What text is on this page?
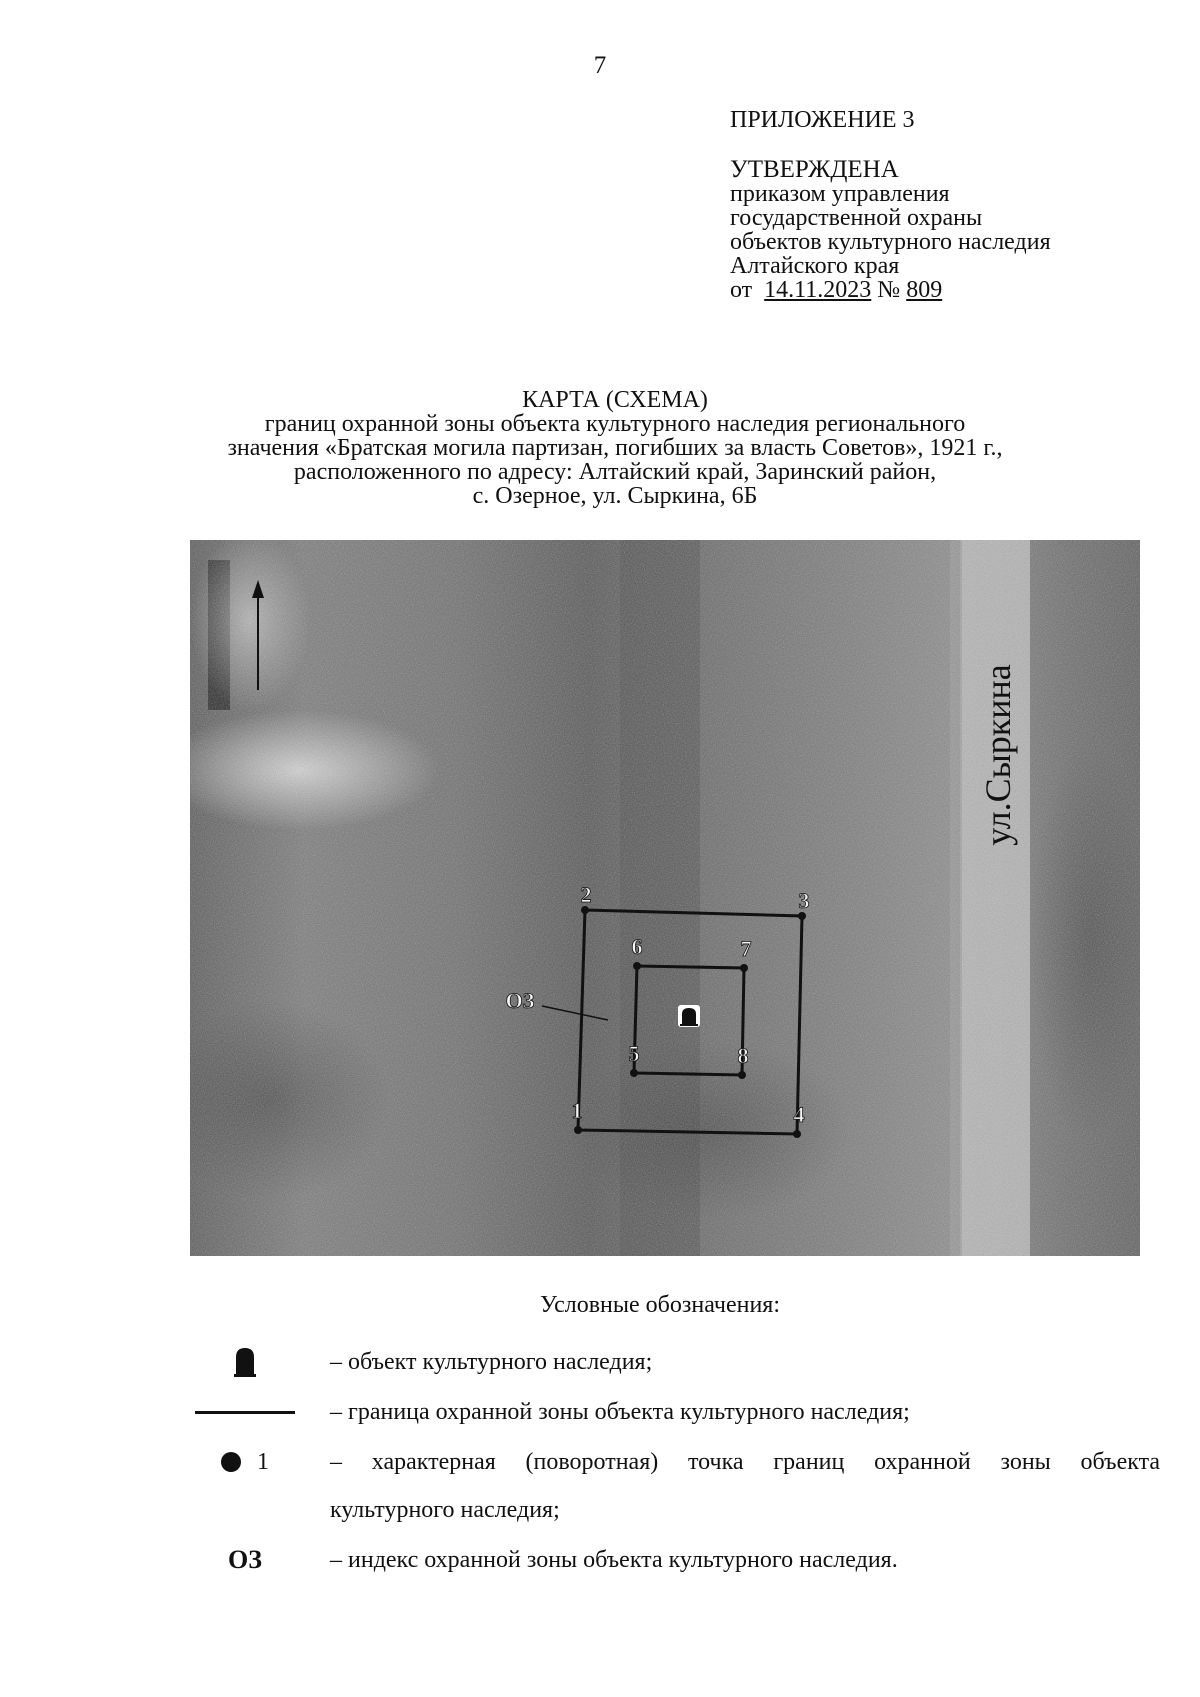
7
ПРИЛОЖЕНИЕ 3
УТВЕРЖДЕНА
приказом управления
государственной охраны
объектов культурного наследия
Алтайского края
от 14.11.2023 № 809
КАРТА (СХЕМА)
границ охранной зоны объекта культурного наследия регионального
значения «Братская могила партизан, погибших за власть Советов», 1921 г.,
расположенного по адресу: Алтайский край, Заринский район,
с. Озерное, ул. Сыркина, 6Б
ул.Сыркина
1
2	3
4
5
6	7
8
ОЗ
Условные обозначения:
– объект культурного наследия;
– граница охранной зоны объекта культурного наследия;
1	– характерная (поворотная) точка границ охранной зоны объекта
культурного наследия;
ОЗ	– индекс охранной зоны объекта культурного наследия.
